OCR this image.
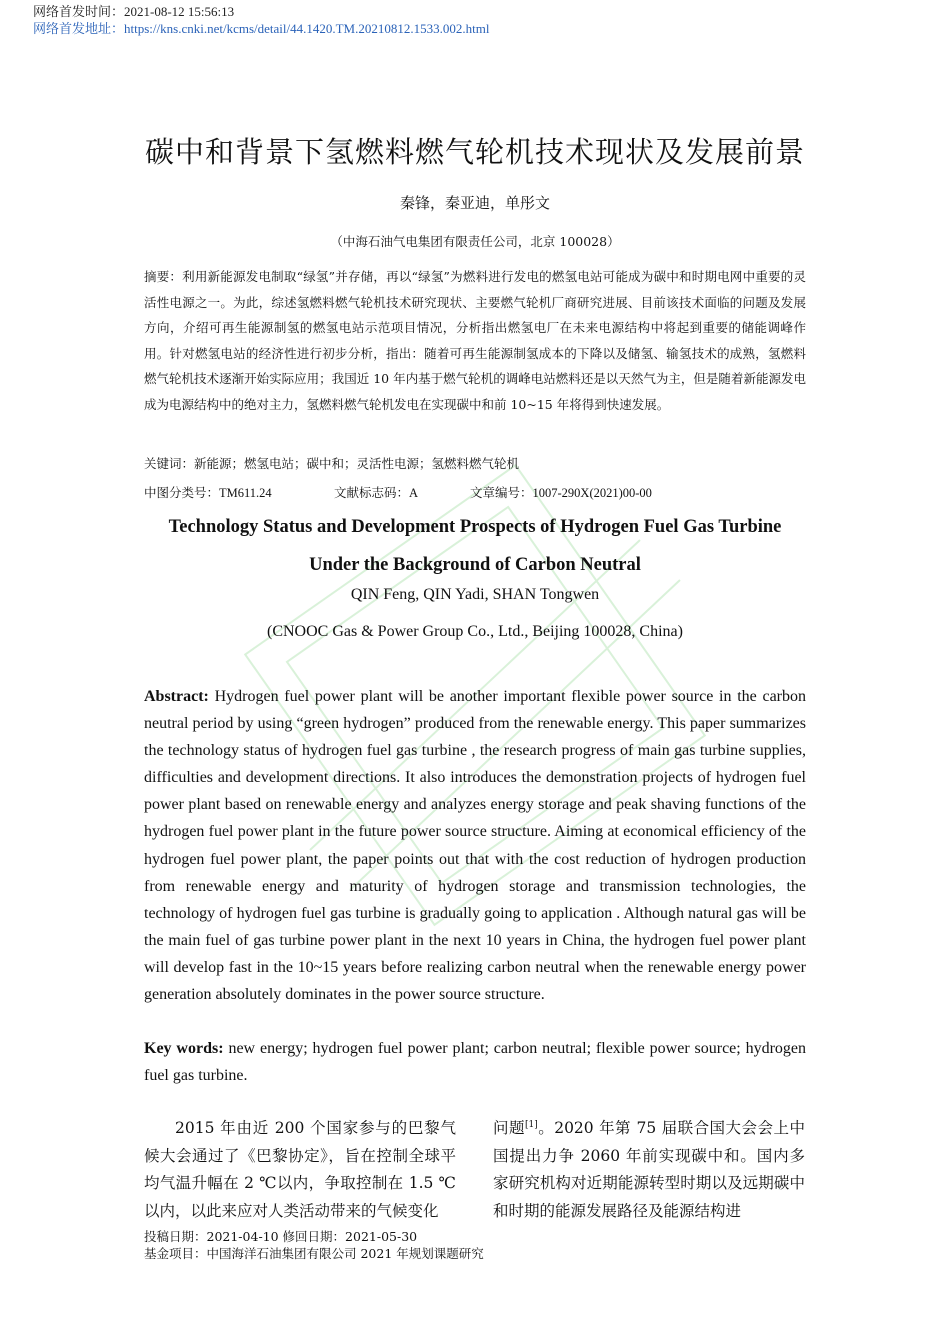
网络首发时间：2021-08-12 15:56:13
网络首发地址：https://kns.cnki.net/kcms/detail/44.1420.TM.20210812.1533.002.html
碳中和背景下氢燃料燃气轮机技术现状及发展前景
秦锋，秦亚迪，单彤文
（中海石油气电集团有限责任公司，北京 100028）
摘要：利用新能源发电制取“绿氢”并存储，再以“绿氢”为燃料进行发电的燃氢电站可能成为碳中和时期电网中重要的灵活性电源之一。为此，综述氢燃料燃气轮机技术研究现状、主要燃气轮机厂商研究进展、目前该技术面临的问题及发展方向，介绍可再生能源制氢的燃氢电站示范项目情况，分析指出燃氢电厂在未来电源结构中将起到重要的储能调峰作用。针对燃氢电站的经济性进行初步分析，指出：随着可再生能源制氢成本的下降以及储氢、输氢技术的成熟，氢燃料燃气轮机技术逐渐开始实际应用；我国近 10 年内基于燃气轮机的调峰电站燃料还是以天然气为主，但是随着新能源发电成为电源结构中的绝对主力，氢燃料燃气轮机发电在实现碳中和前 10~15 年将得到快速发展。
关键词：新能源；燃氢电站；碳中和；灵活性电源；氢燃料燃气轮机
中图分类号：TM611.24	文献标志码：A	文章编号：1007-290X(2021)00-00
Technology Status and Development Prospects of Hydrogen Fuel Gas Turbine
Under the Background of Carbon Neutral
QIN Feng, QIN Yadi, SHAN Tongwen
(CNOOC Gas & Power Group Co., Ltd., Beijing 100028, China)
Abstract: Hydrogen fuel power plant will be another important flexible power source in the carbon neutral period by using “green hydrogen” produced from the renewable energy. This paper summarizes the technology status of hydrogen fuel gas turbine , the research progress of main gas turbine supplies, difficulties and development directions. It also introduces the demonstration projects of hydrogen fuel power plant based on renewable energy and analyzes energy storage and peak shaving functions of the hydrogen fuel power plant in the future power source structure. Aiming at economical efficiency of the hydrogen fuel power plant, the paper points out that with the cost reduction of hydrogen production from renewable energy and maturity of hydrogen storage and transmission technologies, the technology of hydrogen fuel gas turbine is gradually going to application . Although natural gas will be the main fuel of gas turbine power plant in the next 10 years in China, the hydrogen fuel power plant will develop fast in the 10~15 years before realizing carbon neutral when the renewable energy power generation absolutely dominates in the power source structure.
Key words: new energy; hydrogen fuel power plant; carbon neutral; flexible power source; hydrogen fuel gas turbine.
2015 年由近 200 个国家参与的巴黎气候大会通过了《巴黎协定》，旨在控制全球平均气温升幅在 2 ℃以内，争取控制在 1.5 ℃以内，以此来应对人类活动带来的气候变化
问题[1]。2020 年第 75 届联合国大会会上中国提出力争 2060 年前实现碳中和。国内多家研究机构对近期能源转型时期以及远期碳中和时期的能源发展路径及能源结构进
投稿日期：2021-04-10 修回日期：2021-05-30
基金项目：中国海洋石油集团有限公司 2021 年规划课题研究
